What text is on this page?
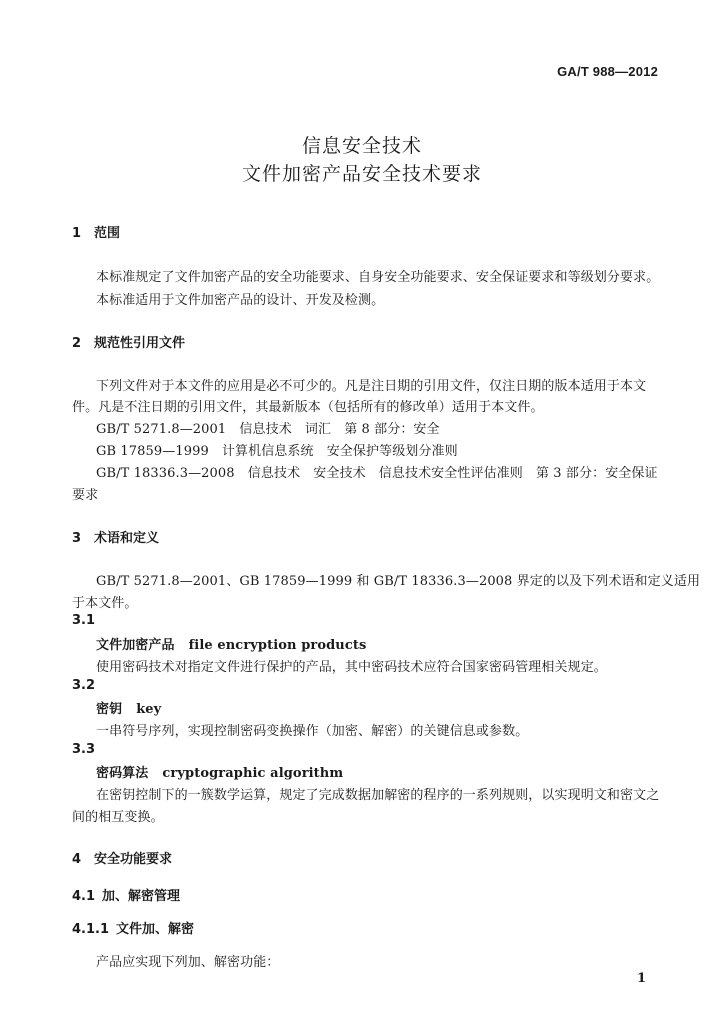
GA/T 988—2012
信息安全技术
文件加密产品安全技术要求
1 范围
本标准规定了文件加密产品的安全功能要求、自身安全功能要求、安全保证要求和等级划分要求。
本标准适用于文件加密产品的设计、开发及检测。
2 规范性引用文件
下列文件对于本文件的应用是必不可少的。凡是注日期的引用文件，仅注日期的版本适用于本文
件。凡是不注日期的引用文件，其最新版本（包括所有的修改单）适用于本文件。
GB/T 5271.8—2001　信息技术　词汇　第 8 部分：安全
GB 17859—1999　计算机信息系统　安全保护等级划分准则
GB/T 18336.3—2008　信息技术　安全技术　信息技术安全性评估准则　第 3 部分：安全保证
要求
3 术语和定义
GB/T 5271.8—2001、GB 17859—1999 和 GB/T 18336.3—2008 界定的以及下列术语和定义适用
于本文件。
3.1
文件加密产品 file encryption products
使用密码技术对指定文件进行保护的产品，其中密码技术应符合国家密码管理相关规定。
3.2
密钥 key
一串符号序列，实现控制密码变换操作（加密、解密）的关键信息或参数。
3.3
密码算法 cryptographic algorithm
在密钥控制下的一簇数学运算，规定了完成数据加解密的程序的一系列规则，以实现明文和密文之
间的相互变换。
4 安全功能要求
4.1 加、解密管理
4.1.1 文件加、解密
产品应实现下列加、解密功能：
1
